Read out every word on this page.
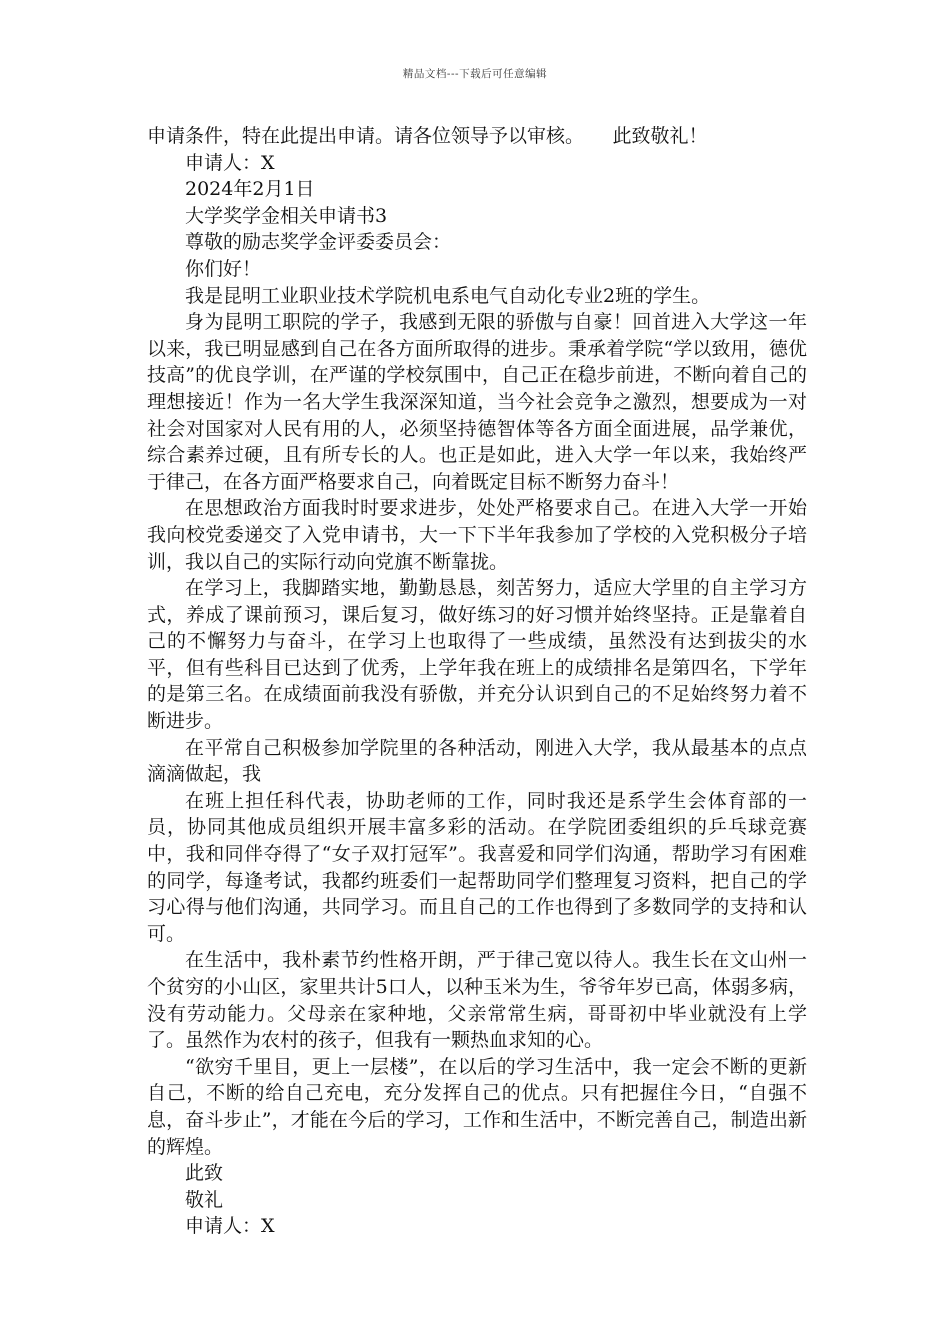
精品文档---下载后可任意编辑

申请条件，特在此提出申请。请各位领导予以审核。　　此致敬礼！

申请人：X

2024年2月1日

大学奖学金相关申请书3

尊敬的励志奖学金评委委员会：

你们好！

我是昆明工业职业技术学院机电系电气自动化专业2班的学生。

身为昆明工职院的学子，我感到无限的骄傲与自豪！回首进入大学这一年以来，我已明显感到自己在各方面所取得的进步。秉承着学院“学以致用，德优技高”的优良学训，在严谨的学校氛围中，自己正在稳步前进，不断向着自己的理想接近！作为一名大学生我深深知道，当今社会竞争之激烈，想要成为一对社会对国家对人民有用的人，必须坚持德智体等各方面全面进展，品学兼优，综合素养过硬，且有所专长的人。也正是如此，进入大学一年以来，我始终严于律己，在各方面严格要求自己，向着既定目标不断努力奋斗！

在思想政治方面我时时要求进步，处处严格要求自己。在进入大学一开始我向校党委递交了入党申请书，大一下下半年我参加了学校的入党积极分子培训，我以自己的实际行动向党旗不断靠拢。

在学习上，我脚踏实地，勤勤恳恳，刻苦努力，适应大学里的自主学习方式，养成了课前预习，课后复习，做好练习的好习惯并始终坚持。正是靠着自己的不懈努力与奋斗，在学习上也取得了一些成绩，虽然没有达到拔尖的水平，但有些科目已达到了优秀，上学年我在班上的成绩排名是第四名，下学年的是第三名。在成绩面前我没有骄傲，并充分认识到自己的不足始终努力着不断进步。

在平常自己积极参加学院里的各种活动，刚进入大学，我从最基本的点点滴滴做起，我

在班上担任科代表，协助老师的工作，同时我还是系学生会体育部的一员，协同其他成员组织开展丰富多彩的活动。在学院团委组织的乒乓球竞赛中，我和同伴夺得了“女子双打冠军”。我喜爱和同学们沟通，帮助学习有困难的同学，每逢考试，我都约班委们一起帮助同学们整理复习资料，把自己的学习心得与他们沟通，共同学习。而且自己的工作也得到了多数同学的支持和认可。

在生活中，我朴素节约性格开朗，严于律己宽以待人。我生长在文山州一个贫穷的小山区，家里共计5口人，以种玉米为生，爷爷年岁已高，体弱多病，没有劳动能力。父母亲在家种地，父亲常常生病，哥哥初中毕业就没有上学了。虽然作为农村的孩子，但我有一颗热血求知的心。

“欲穷千里目，更上一层楼”，在以后的学习生活中，我一定会不断的更新自己，不断的给自己充电，充分发挥自己的优点。只有把握住今日，“自强不息，奋斗步止”，才能在今后的学习，工作和生活中，不断完善自己，制造出新的辉煌。

此致

敬礼

申请人：X
